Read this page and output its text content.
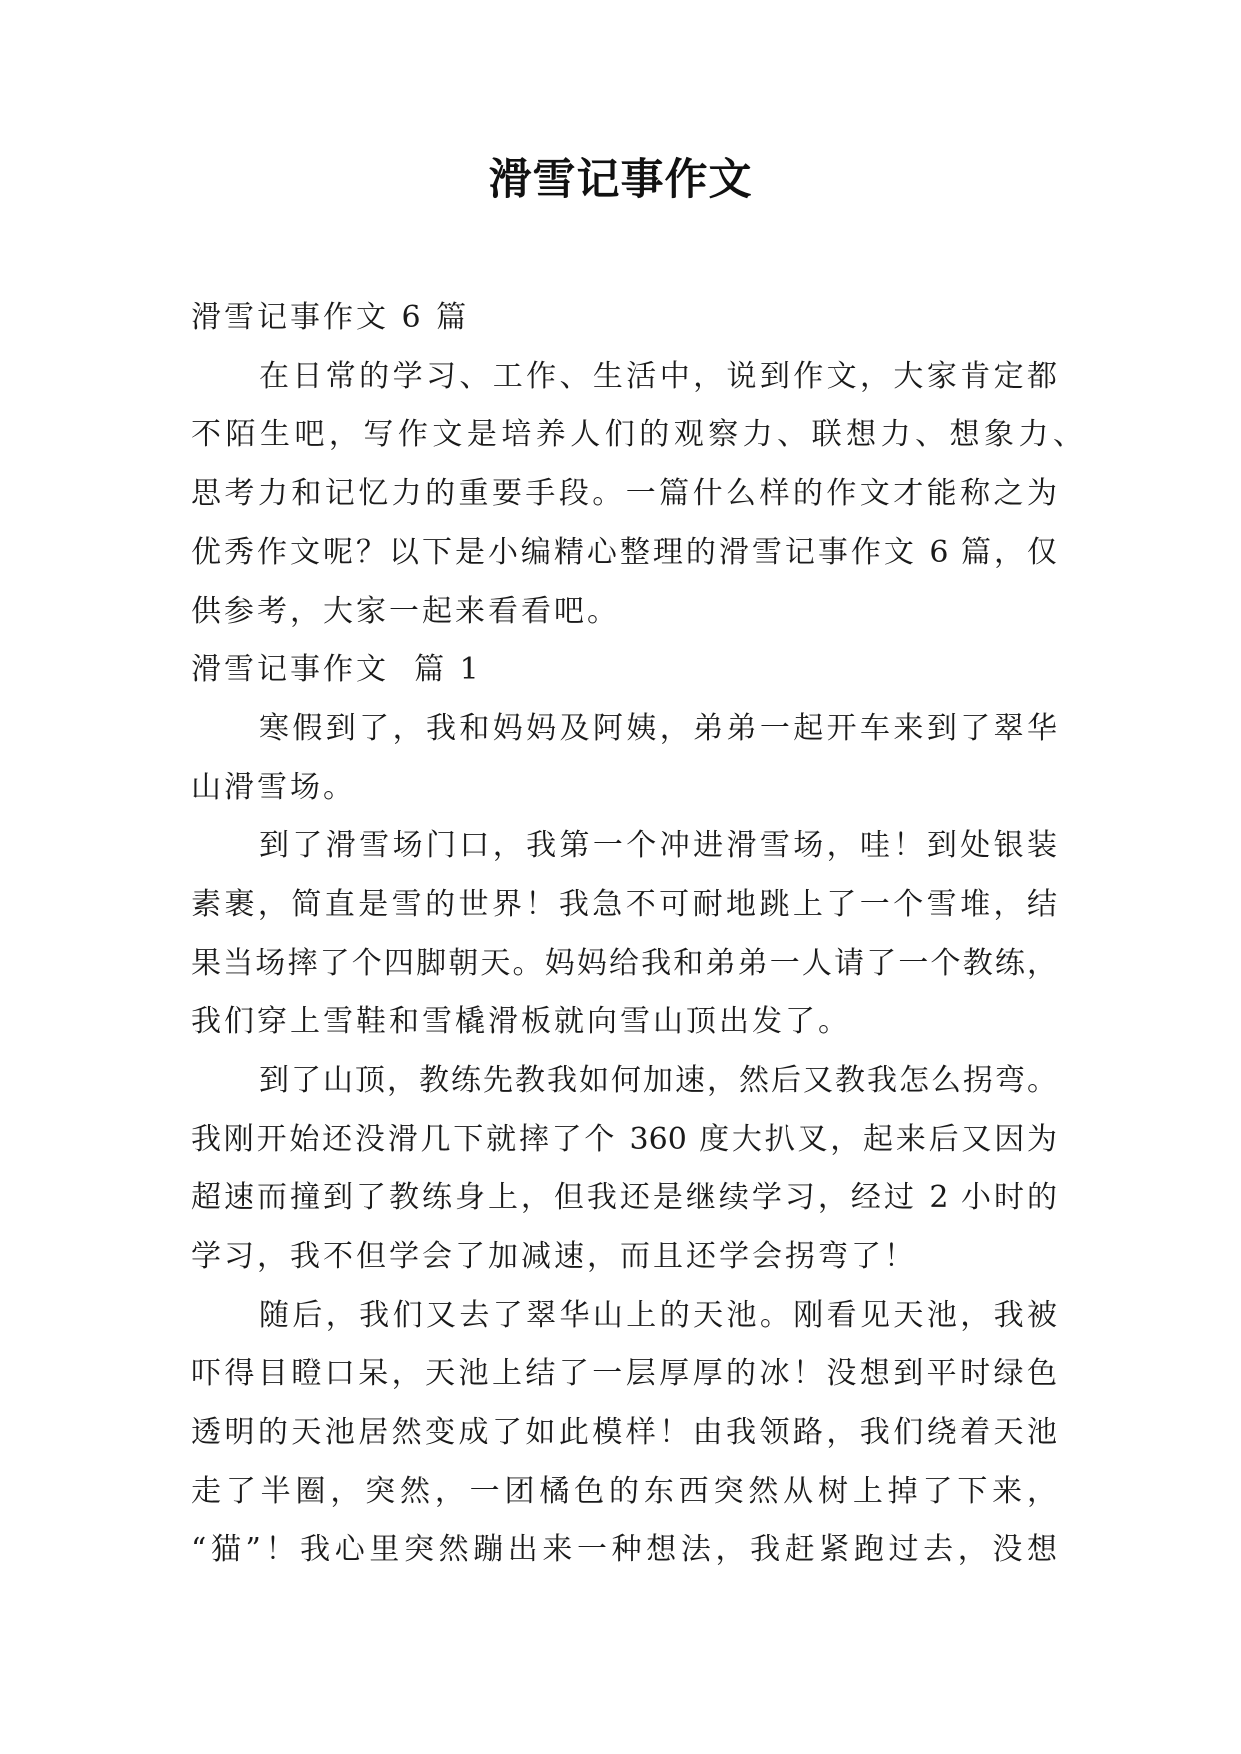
滑雪记事作文
滑雪记事作文 6 篇
在日常的学习、工作、生活中，说到作文，大家肯定都
不陌生吧，写作文是培养人们的观察力、联想力、想象力、
思考力和记忆力的重要手段。一篇什么样的作文才能称之为
优秀作文呢？以下是小编精心整理的滑雪记事作文 6 篇，仅
供参考，大家一起来看看吧。
滑雪记事作文  篇 1
寒假到了，我和妈妈及阿姨，弟弟一起开车来到了翠华
山滑雪场。
到了滑雪场门口，我第一个冲进滑雪场，哇！到处银装
素裹，简直是雪的世界！我急不可耐地跳上了一个雪堆，结
果当场摔了个四脚朝天。妈妈给我和弟弟一人请了一个教练，
我们穿上雪鞋和雪橇滑板就向雪山顶出发了。
到了山顶，教练先教我如何加速，然后又教我怎么拐弯。
我刚开始还没滑几下就摔了个 360 度大扒叉，起来后又因为
超速而撞到了教练身上，但我还是继续学习，经过 2 小时的
学习，我不但学会了加减速，而且还学会拐弯了！
随后，我们又去了翠华山上的天池。刚看见天池，我被
吓得目瞪口呆，天池上结了一层厚厚的冰！没想到平时绿色
透明的天池居然变成了如此模样！由我领路，我们绕着天池
走了半圈，突然，一团橘色的东西突然从树上掉了下来，
“猫”！我心里突然蹦出来一种想法，我赶紧跑过去，没想
